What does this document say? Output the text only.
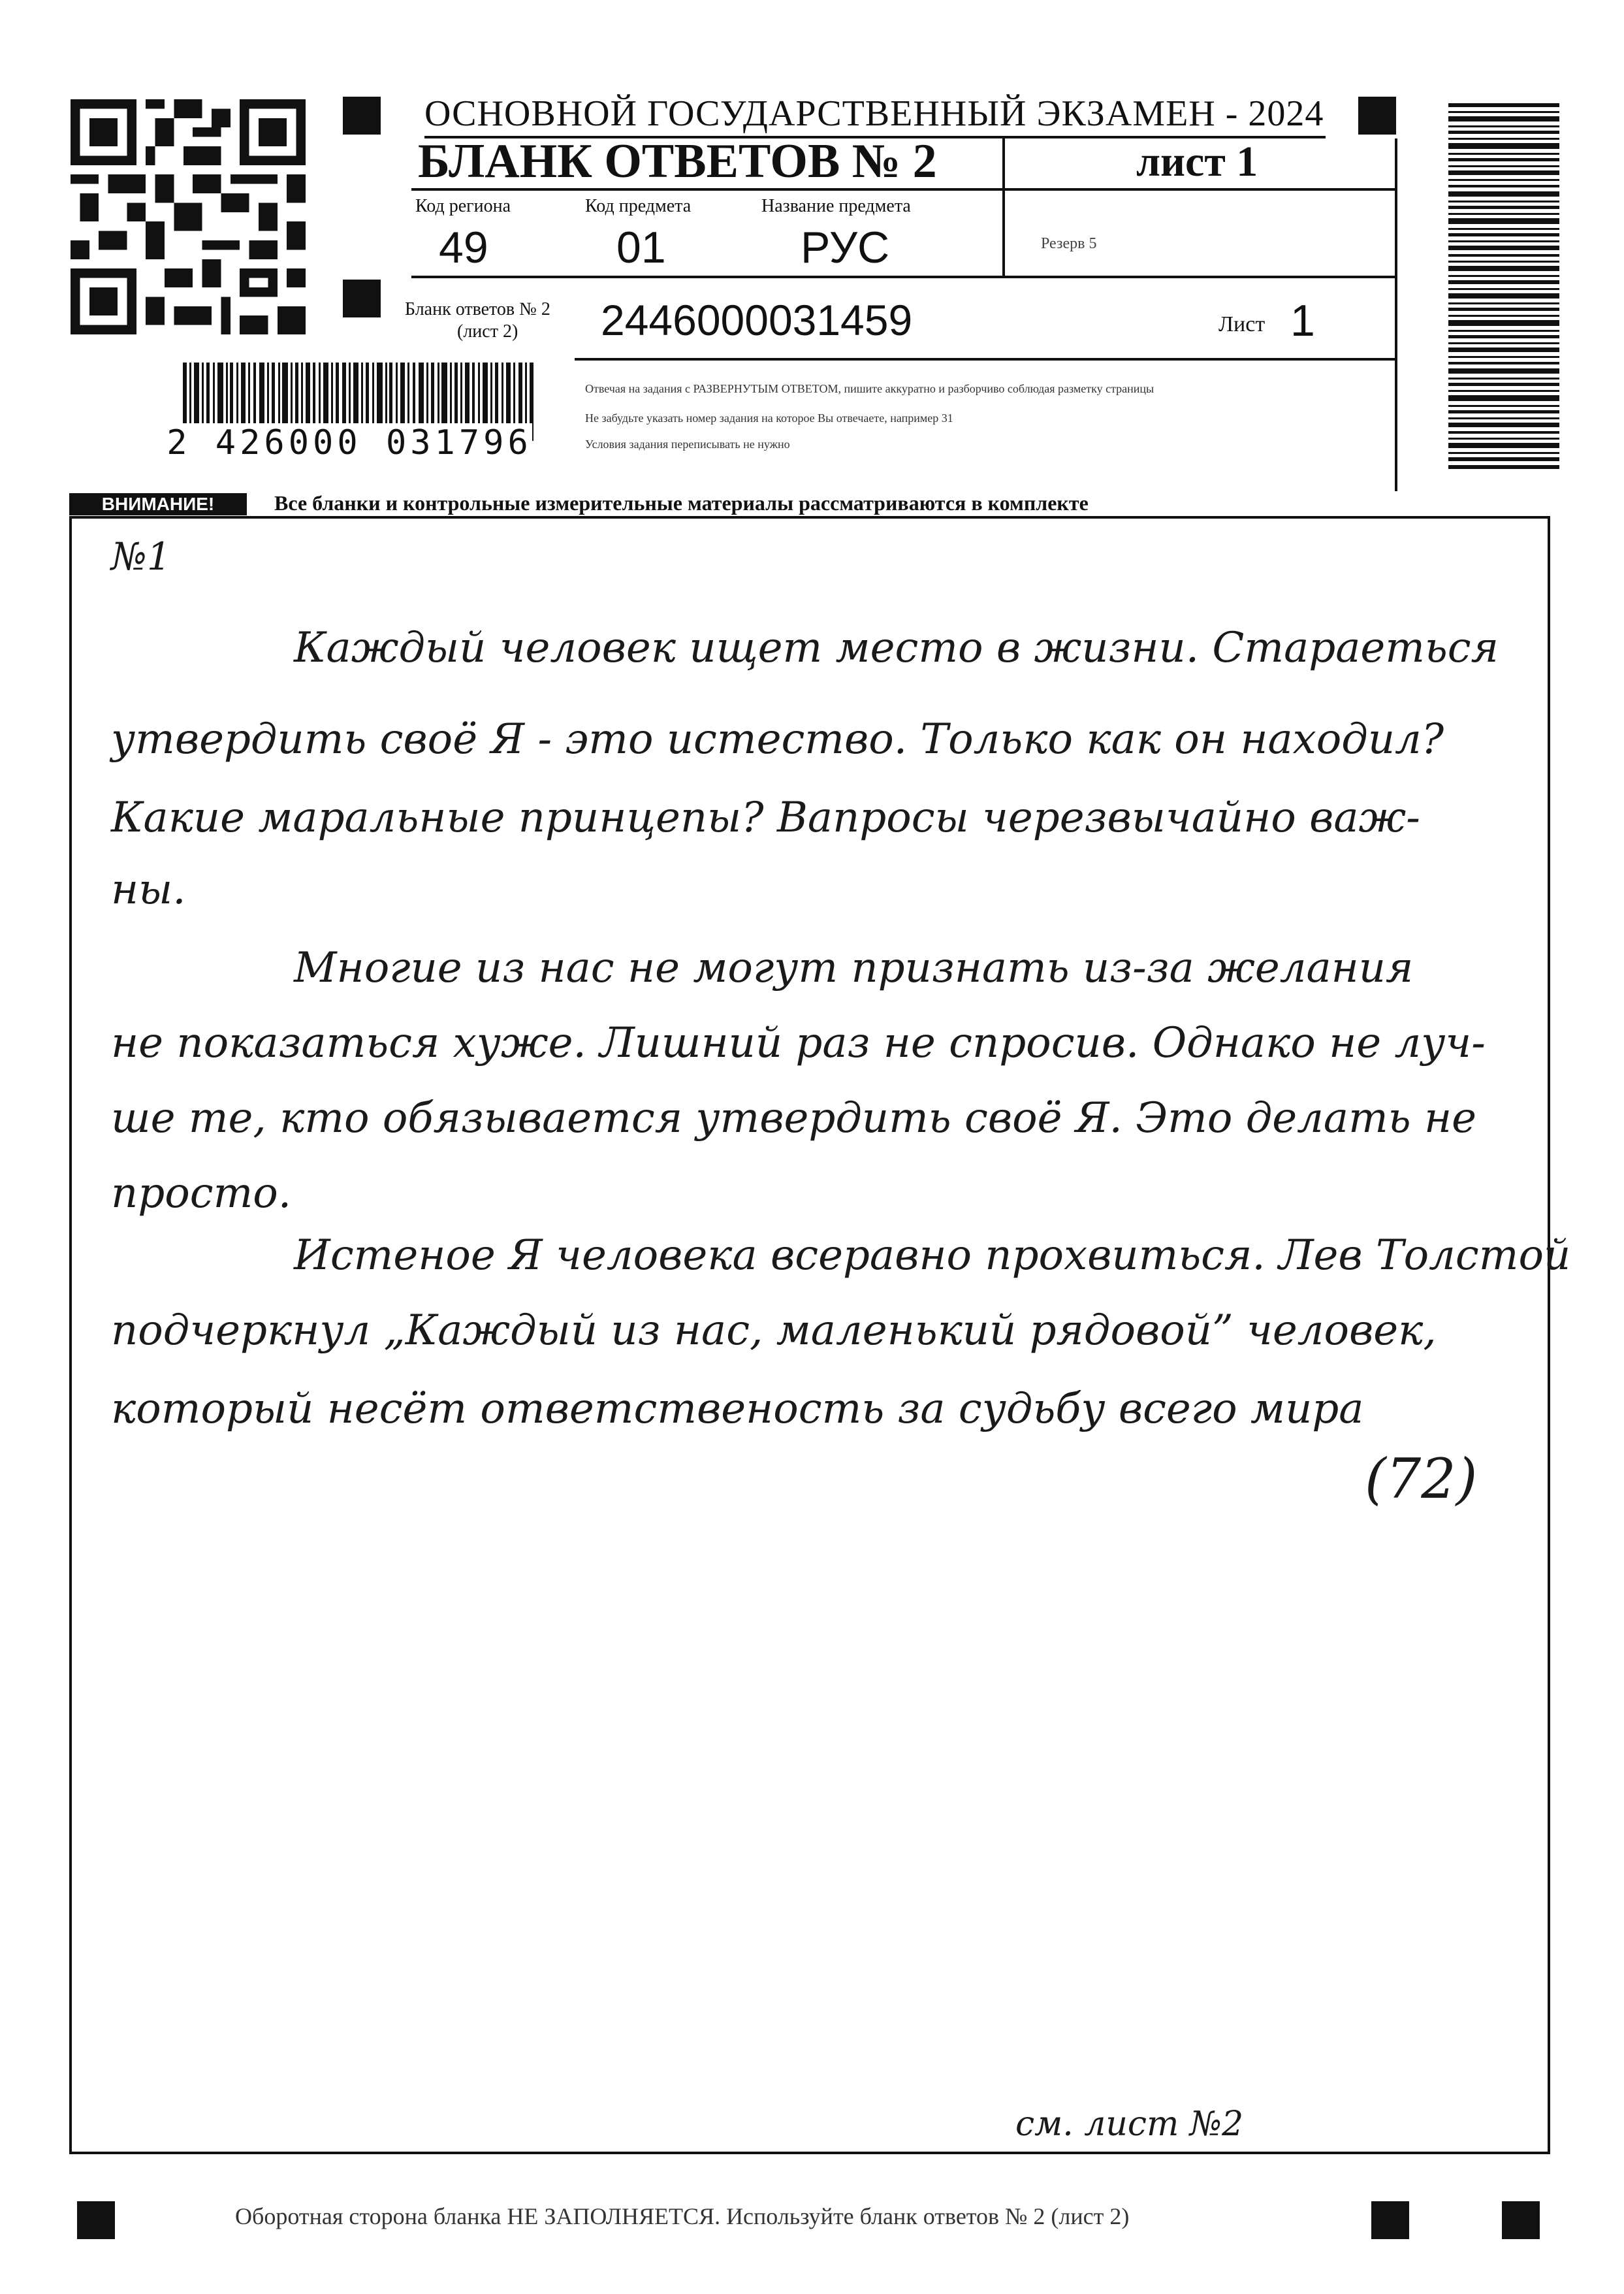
2 426000 031796
ОСНОВНОЙ ГОСУДАРСТВЕННЫЙ ЭКЗАМЕН - 2024
БЛАНК ОТВЕТОВ № 2	лист 1
Код региона
49
Код предмета
01
Название предмета
РУС	Резерв 5
Бланк ответов № 2
(лист 2) 2446000031459	Лист 1
Отвечая на задания с РАЗВЕРНУТЫМ ОТВЕТОМ, пишите аккуратно и разборчиво соблюдая разметку страницы
Не забудьте указать номер задания на которое Вы отвечаете, например 31
Условия задания переписывать не нужно
ВНИМАНИЕ!	Все бланки и контрольные измерительные материалы рассматриваются в комплекте
№1
Каждый человек ищет место в жизни. Стараеться
утвердить своё Я - это истество. Только как он находил?
Какие маральные принцепы? Вапросы черезвычайно важ-
ны.
Многие из нас не могут признать из-за желания
не показаться хуже. Лишний раз не спросив. Однако не луч-
ше те, кто обязывается утвердить своё Я. Это делать не
просто.
Истеное Я человека всеравно прохвиться. Лев Толстой
подчеркнул „Каждый из нас, маленький рядовой” человек,
который несёт ответственость за судьбу всего мира
(72)
см. лист №2
Оборотная сторона бланка НЕ ЗАПОЛНЯЕТСЯ. Используйте бланк ответов № 2 (лист 2)
